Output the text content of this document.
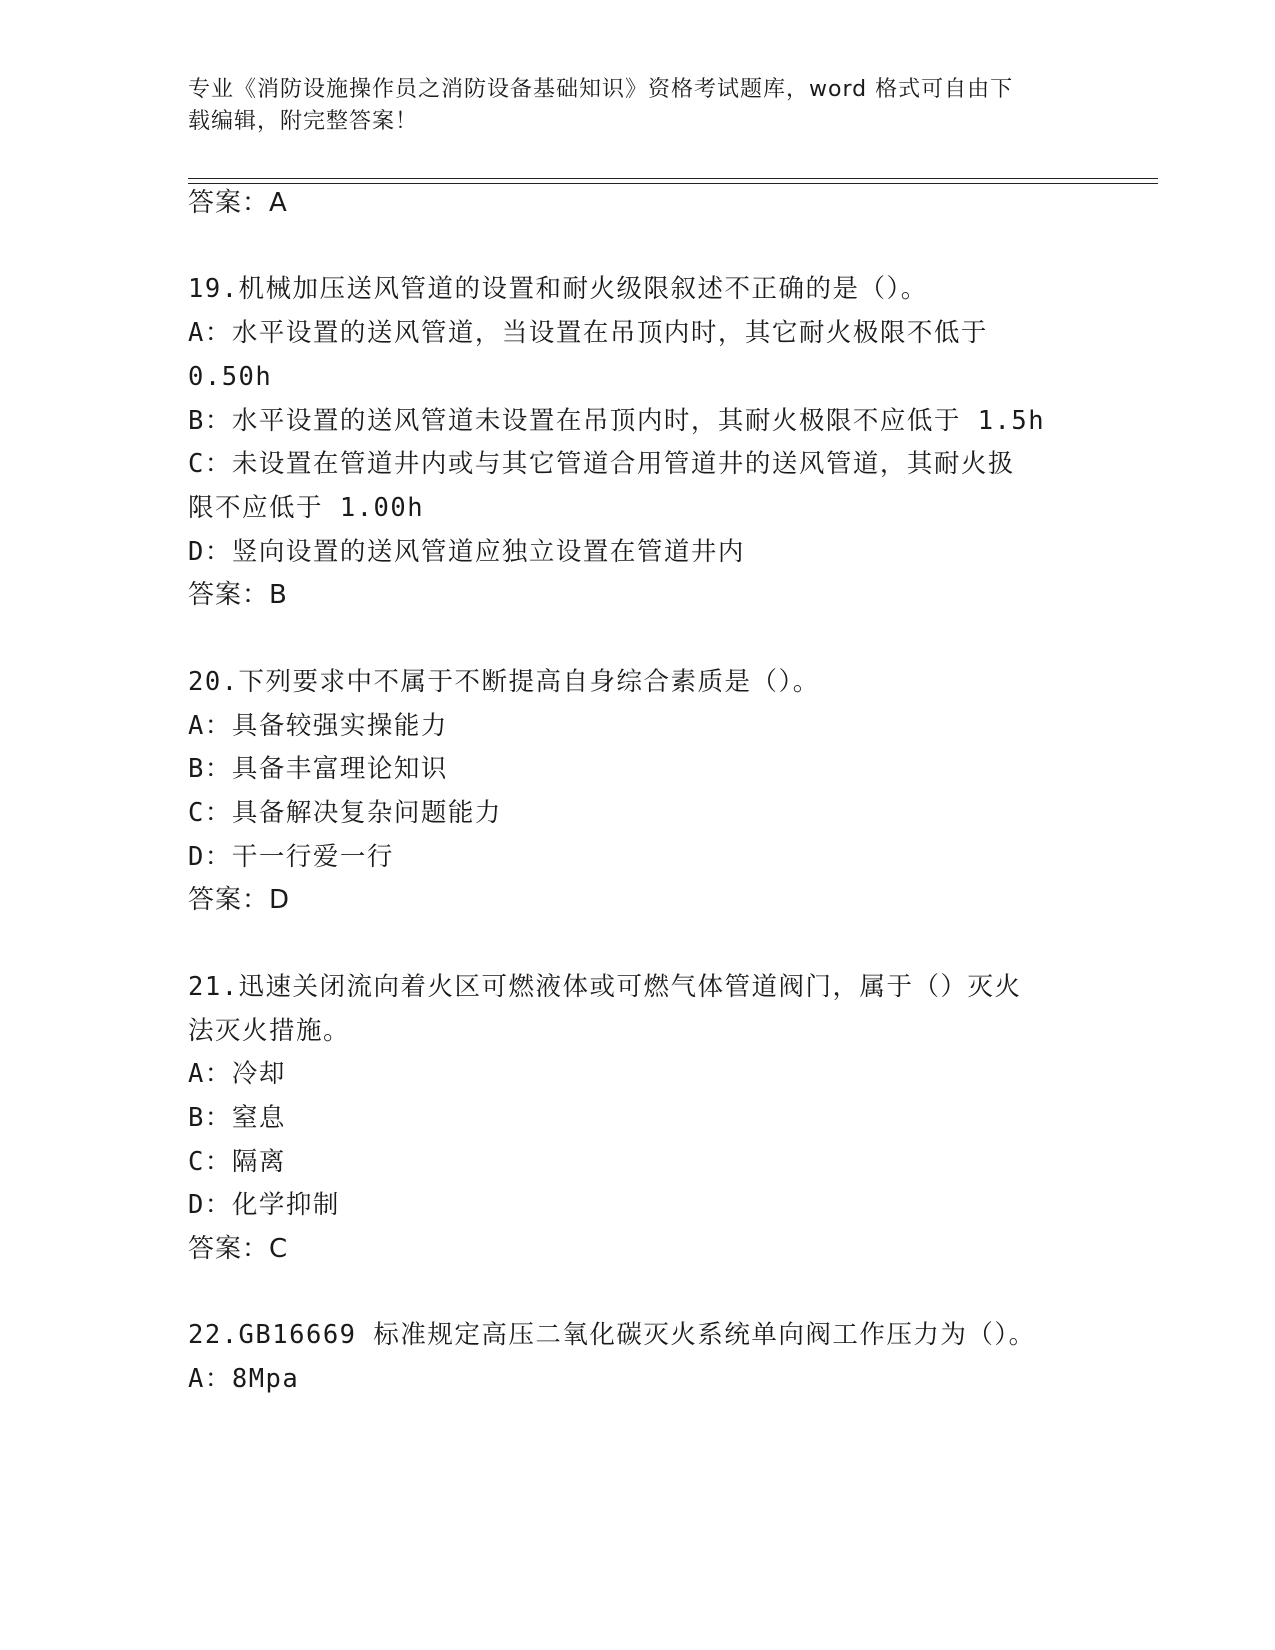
专业《消防设施操作员之消防设备基础知识》资格考试题库，word 格式可自由下
载编辑，附完整答案！
答案：A
19.机械加压送风管道的设置和耐火级限叙述不正确的是（）。
A：水平设置的送风管道，当设置在吊顶内时，其它耐火极限不低于
0.50h
B：水平设置的送风管道未设置在吊顶内时，其耐火极限不应低于 1.5h
C：未设置在管道井内或与其它管道合用管道井的送风管道，其耐火扱
限不应低于 1.00h
D：竖向设置的送风管道应独立设置在管道井内
答案：B
20.下列要求中不属于不断提高自身综合素质是（）。
A：具备较强实操能力
B：具备丰富理论知识
C：具备解决复杂问题能力
D：干一行爱一行
答案：D
21.迅速关闭流向着火区可燃液体或可燃气体管道阀门，属于（）灭火
法灭火措施。
A：冷却
B：窒息
C：隔离
D：化学抑制
答案：C
22.GB16669 标准规定高压二氧化碳灭火系统单向阀工作压力为（）。
A：8Mpa
